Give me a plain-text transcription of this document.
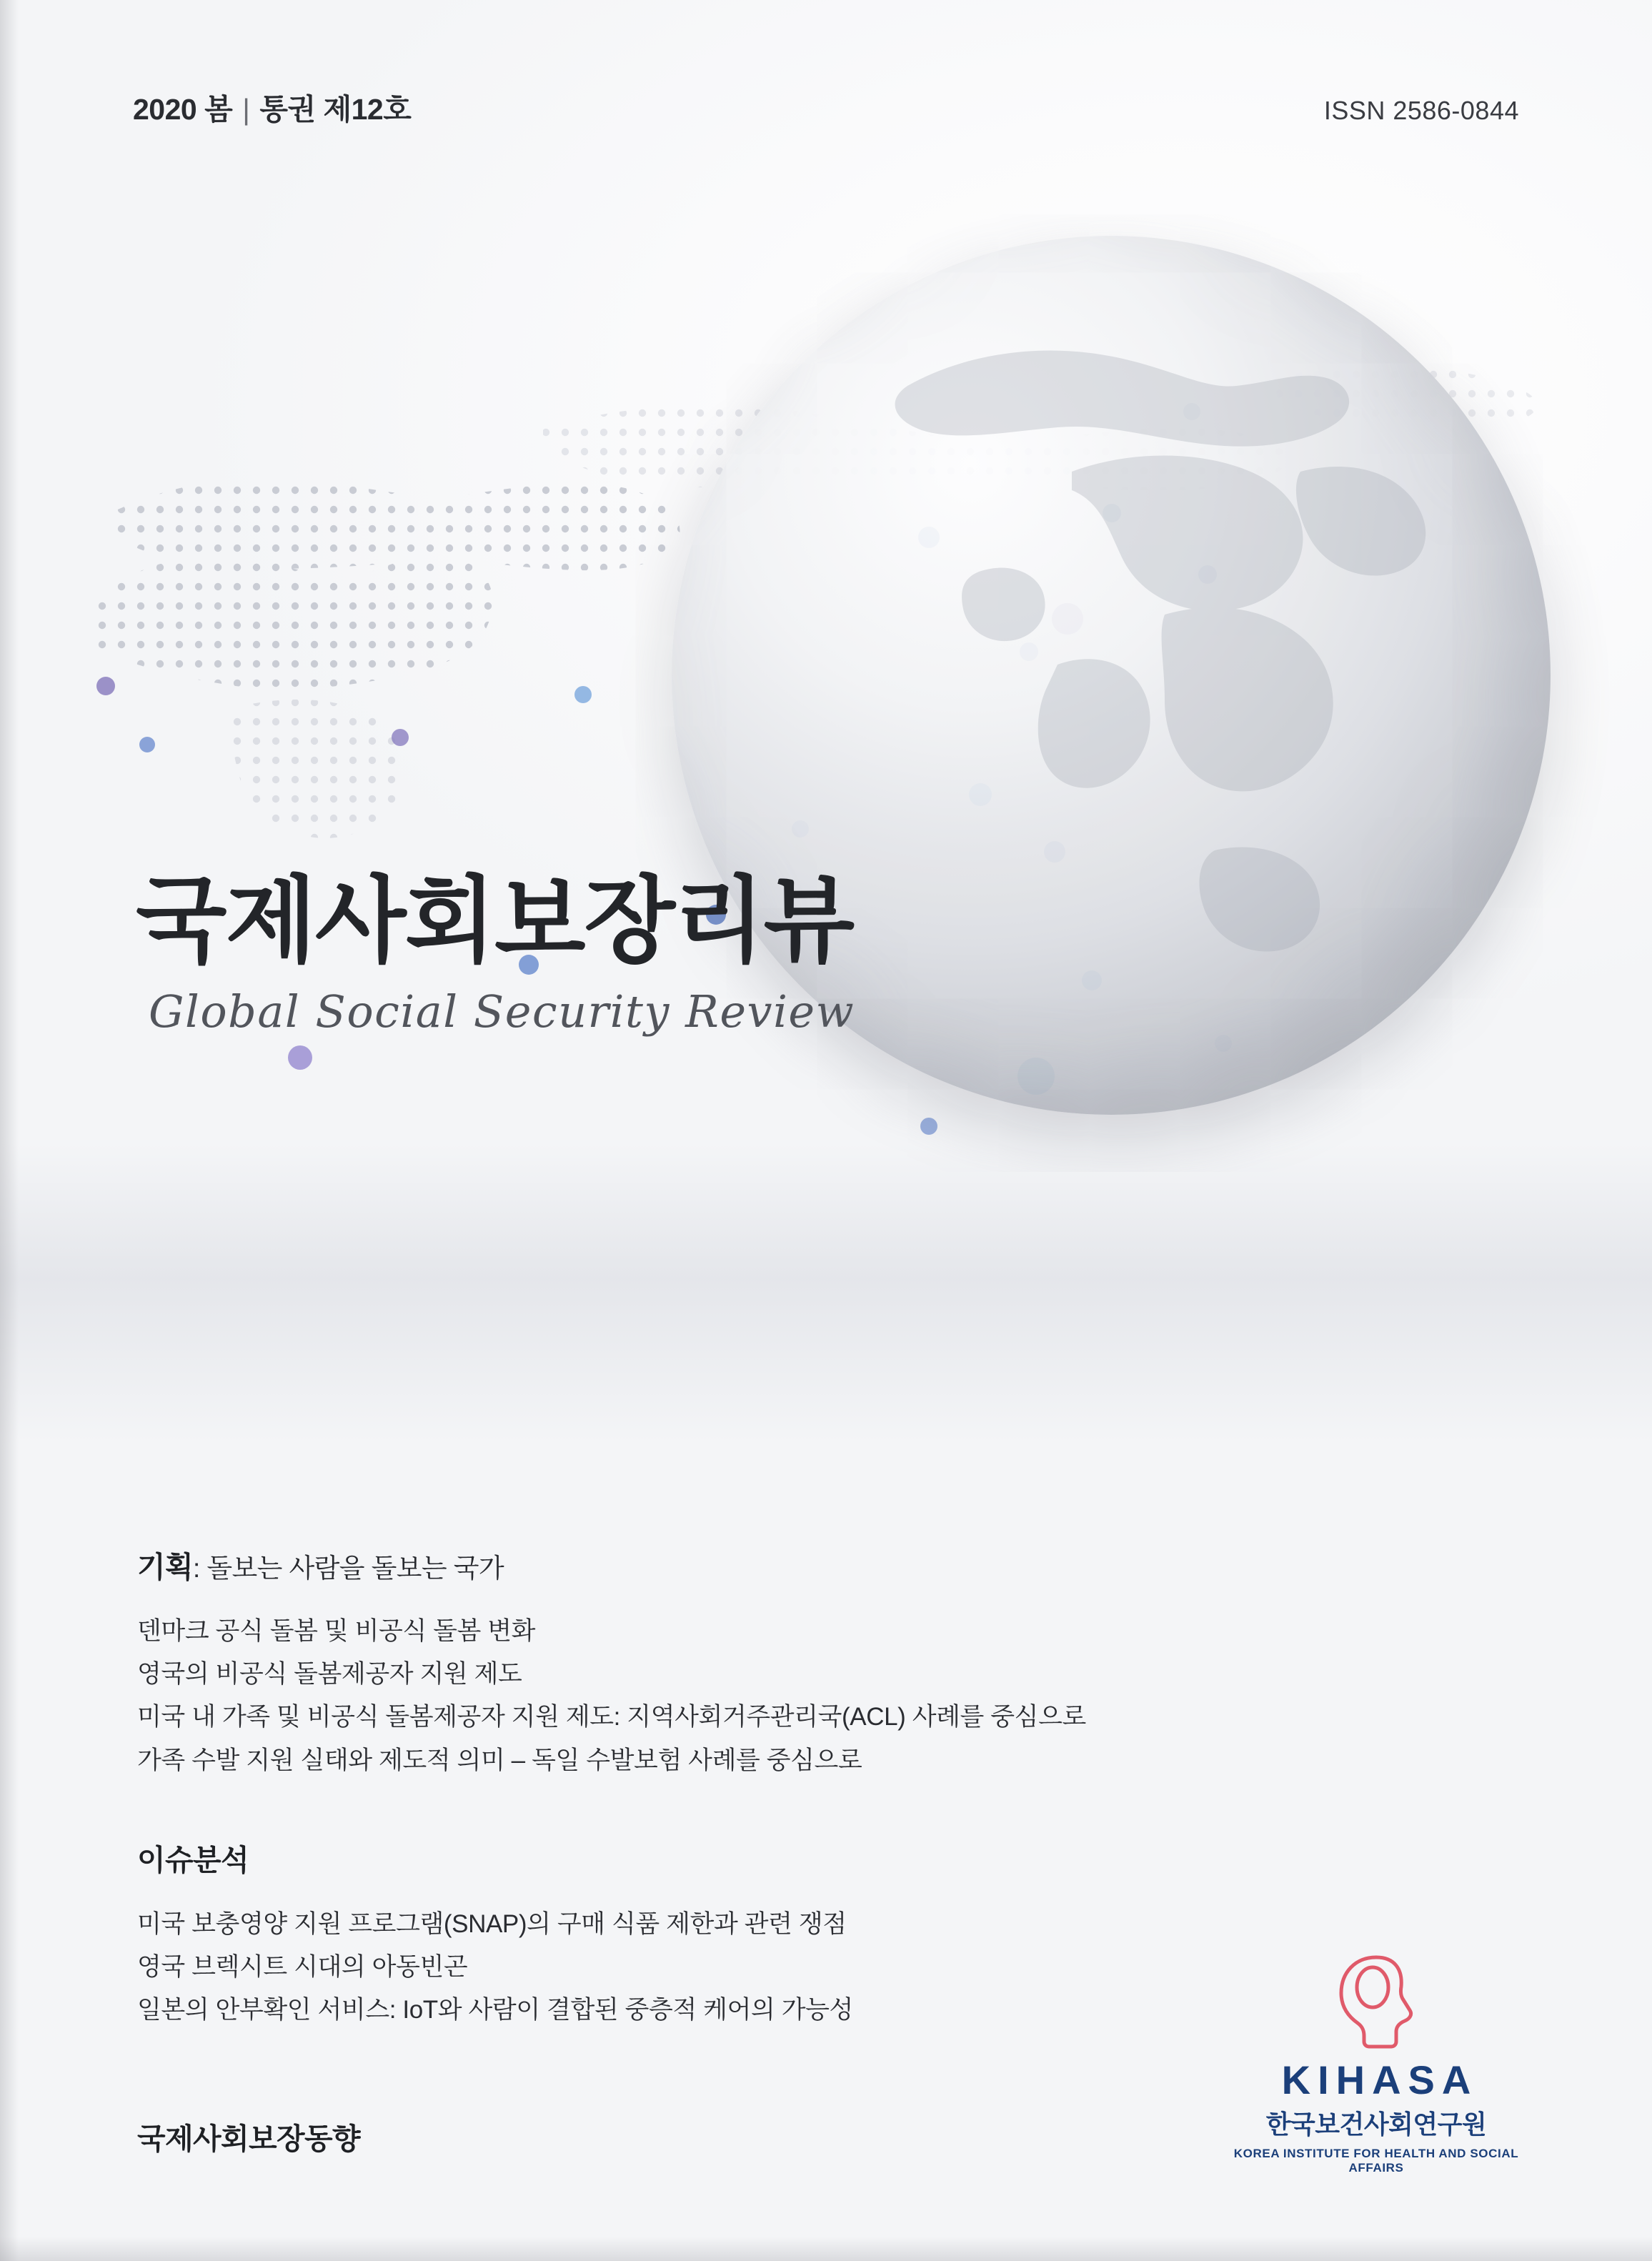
2020 봄 | 통권 제12호	ISSN 2586-0844
국제사회보장리뷰
Global Social Security Review
기획: 돌보는 사람을 돌보는 국가
덴마크 공식 돌봄 및 비공식 돌봄 변화
영국의 비공식 돌봄제공자 지원 제도
미국 내 가족 및 비공식 돌봄제공자 지원 제도: 지역사회거주관리국(ACL) 사례를 중심으로
가족 수발 지원 실태와 제도적 의미 – 독일 수발보험 사례를 중심으로
이슈분석
미국 보충영양 지원 프로그램(SNAP)의 구매 식품 제한과 관련 쟁점
영국 브렉시트 시대의 아동빈곤
일본의 안부확인 서비스: IoT와 사람이 결합된 중층적 케어의 가능성
국제사회보장동향
KIHASA
한국보건사회연구원
KOREA INSTITUTE FOR HEALTH AND SOCIAL AFFAIRS
